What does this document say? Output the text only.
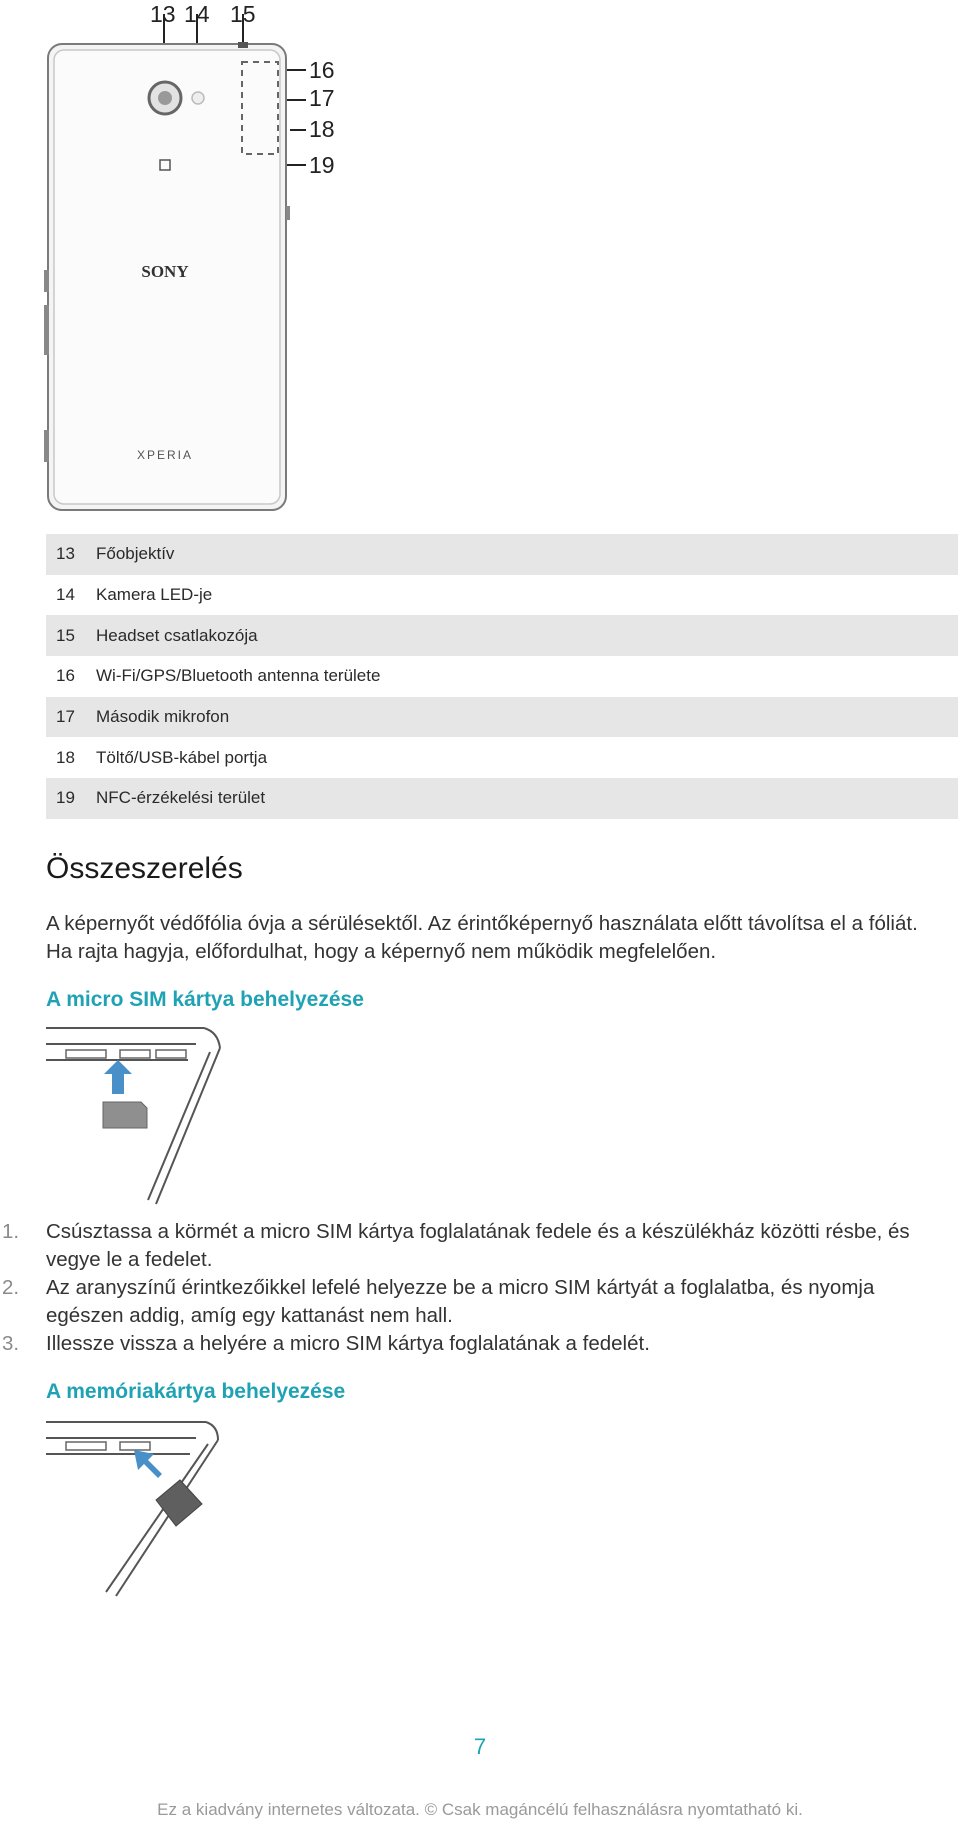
SONY
XPERIA
13 14 15
16
17
18
19
13	Főobjektív
14	Kamera LED-je
15	Headset csatlakozója
16	Wi-Fi/GPS/Bluetooth antenna területe
17	Második mikrofon
18	Töltő/USB-kábel portja
19	NFC-érzékelési terület
Összeszerelés

A képernyőt védőfólia óvja a sérülésektől. Az érintőképernyő használata előtt távolítsa el a fóliát. Ha rajta hagyja, előfordulhat, hogy a képernyő nem működik megfelelően.

A micro SIM kártya behelyezése
1.	Csúsztassa a körmét a micro SIM kártya foglalatának fedele és a készülékház közötti résbe, és vegye le a fedelet.
2.	Az aranyszínű érintkezőikkel lefelé helyezze be a micro SIM kártyát a foglalatba, és nyomja egészen addig, amíg egy kattanást nem hall.
3.	Illessze vissza a helyére a micro SIM kártya foglalatának a fedelét.
A memóriakártya behelyezése
7
Ez a kiadvány internetes változata. © Csak magáncélú felhasználásra nyomtatható ki.
